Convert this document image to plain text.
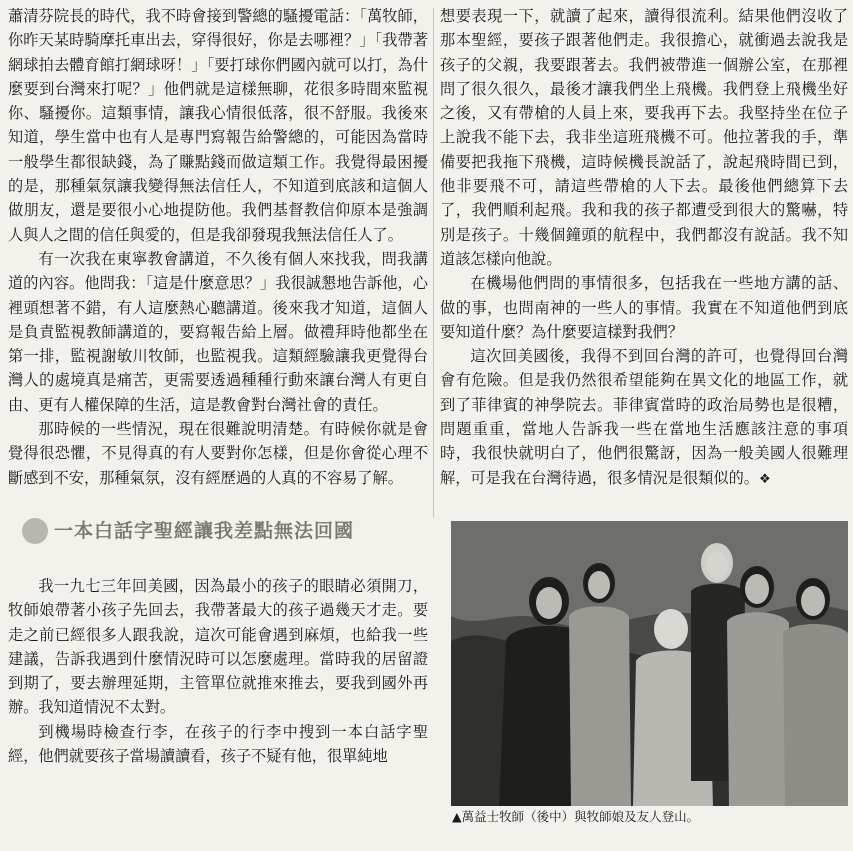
蕭清芬院長的時代，我不時會接到警總的騷擾電話：「萬牧師，你昨天某時騎摩托車出去，穿得很好，你是去哪裡？」「我帶著網球拍去體育館打網球呀！」「要打球你們國內就可以打，為什麼要到台灣來打呢？」他們就是這樣無聊，花很多時間來監視你、騷擾你。這類事情，讓我心情很低落，很不舒服。我後來知道，學生當中也有人是專門寫報告給警總的，可能因為當時一般學生都很缺錢，為了賺點錢而做這類工作。我覺得最困擾的是，那種氣氛讓我變得無法信任人，不知道到底該和這個人做朋友，還是要很小心地提防他。我們基督教信仰原本是強調人與人之間的信任與愛的，但是我卻發現我無法信任人了。

有一次我在東寧教會講道，不久後有個人來找我，問我講道的內容。他問我：「這是什麼意思？」我很誠懇地告訴他，心裡頭想著不錯，有人這麼熱心聽講道。後來我才知道，這個人是負責監視教師講道的，要寫報告給上層。做禮拜時他都坐在第一排，監視謝敏川牧師，也監視我。這類經驗讓我更覺得台灣人的處境真是痛苦，更需要透過種種行動來讓台灣人有更自由、更有人權保障的生活，這是教會對台灣社會的責任。

那時候的一些情況，現在很難說明清楚。有時候你就是會覺得很恐懼，不見得真的有人要對你怎樣，但是你會從心理不斷感到不安，那種氣氛，沒有經歷過的人真的不容易了解。

一本白話字聖經讓我差點無法回國

我一九七三年回美國，因為最小的孩子的眼睛必須開刀，牧師娘帶著小孩子先回去，我帶著最大的孩子過幾天才走。要走之前已經很多人跟我說，這次可能會遇到麻煩，也給我一些建議，告訴我遇到什麼情況時可以怎麼處理。當時我的居留證到期了，要去辦理延期，主管單位就推來推去，要我到國外再辦。我知道情況不太對。

到機場時檢查行李，在孩子的行李中搜到一本白話字聖經，他們就要孩子當場讀讀看，孩子不疑有他，很單純地

想要表現一下，就讀了起來，讀得很流利。結果他們沒收了那本聖經，要孩子跟著他們走。我很擔心，就衝過去說我是孩子的父親，我要跟著去。我們被帶進一個辦公室，在那裡問了很久很久，最後才讓我們坐上飛機。我們登上飛機坐好之後，又有帶槍的人員上來，要我再下去。我堅持坐在位子上說我不能下去，我非坐這班飛機不可。他拉著我的手，準備要把我拖下飛機，這時候機長說話了，說起飛時間已到，他非要飛不可，請這些帶槍的人下去。最後他們總算下去了，我們順利起飛。我和我的孩子都遭受到很大的驚嚇，特別是孩子。十幾個鐘頭的航程中，我們都沒有說話。我不知道該怎樣向他說。

在機場他們問的事情很多，包括我在一些地方講的話、做的事，也問南神的一些人的事情。我實在不知道他們到底要知道什麼？為什麼要這樣對我們？

這次回美國後，我得不到回台灣的許可，也覺得回台灣會有危險。但是我仍然很希望能夠在異文化的地區工作，就到了菲律賓的神學院去。菲律賓當時的政治局勢也是很糟，問題重重，當地人告訴我一些在當地生活應該注意的事項時，我很快就明白了，他們很驚訝，因為一般美國人很難理解，可是我在台灣待過，很多情況是很類似的。❖

▲萬益士牧師（後中）與牧師娘及友人登山。
